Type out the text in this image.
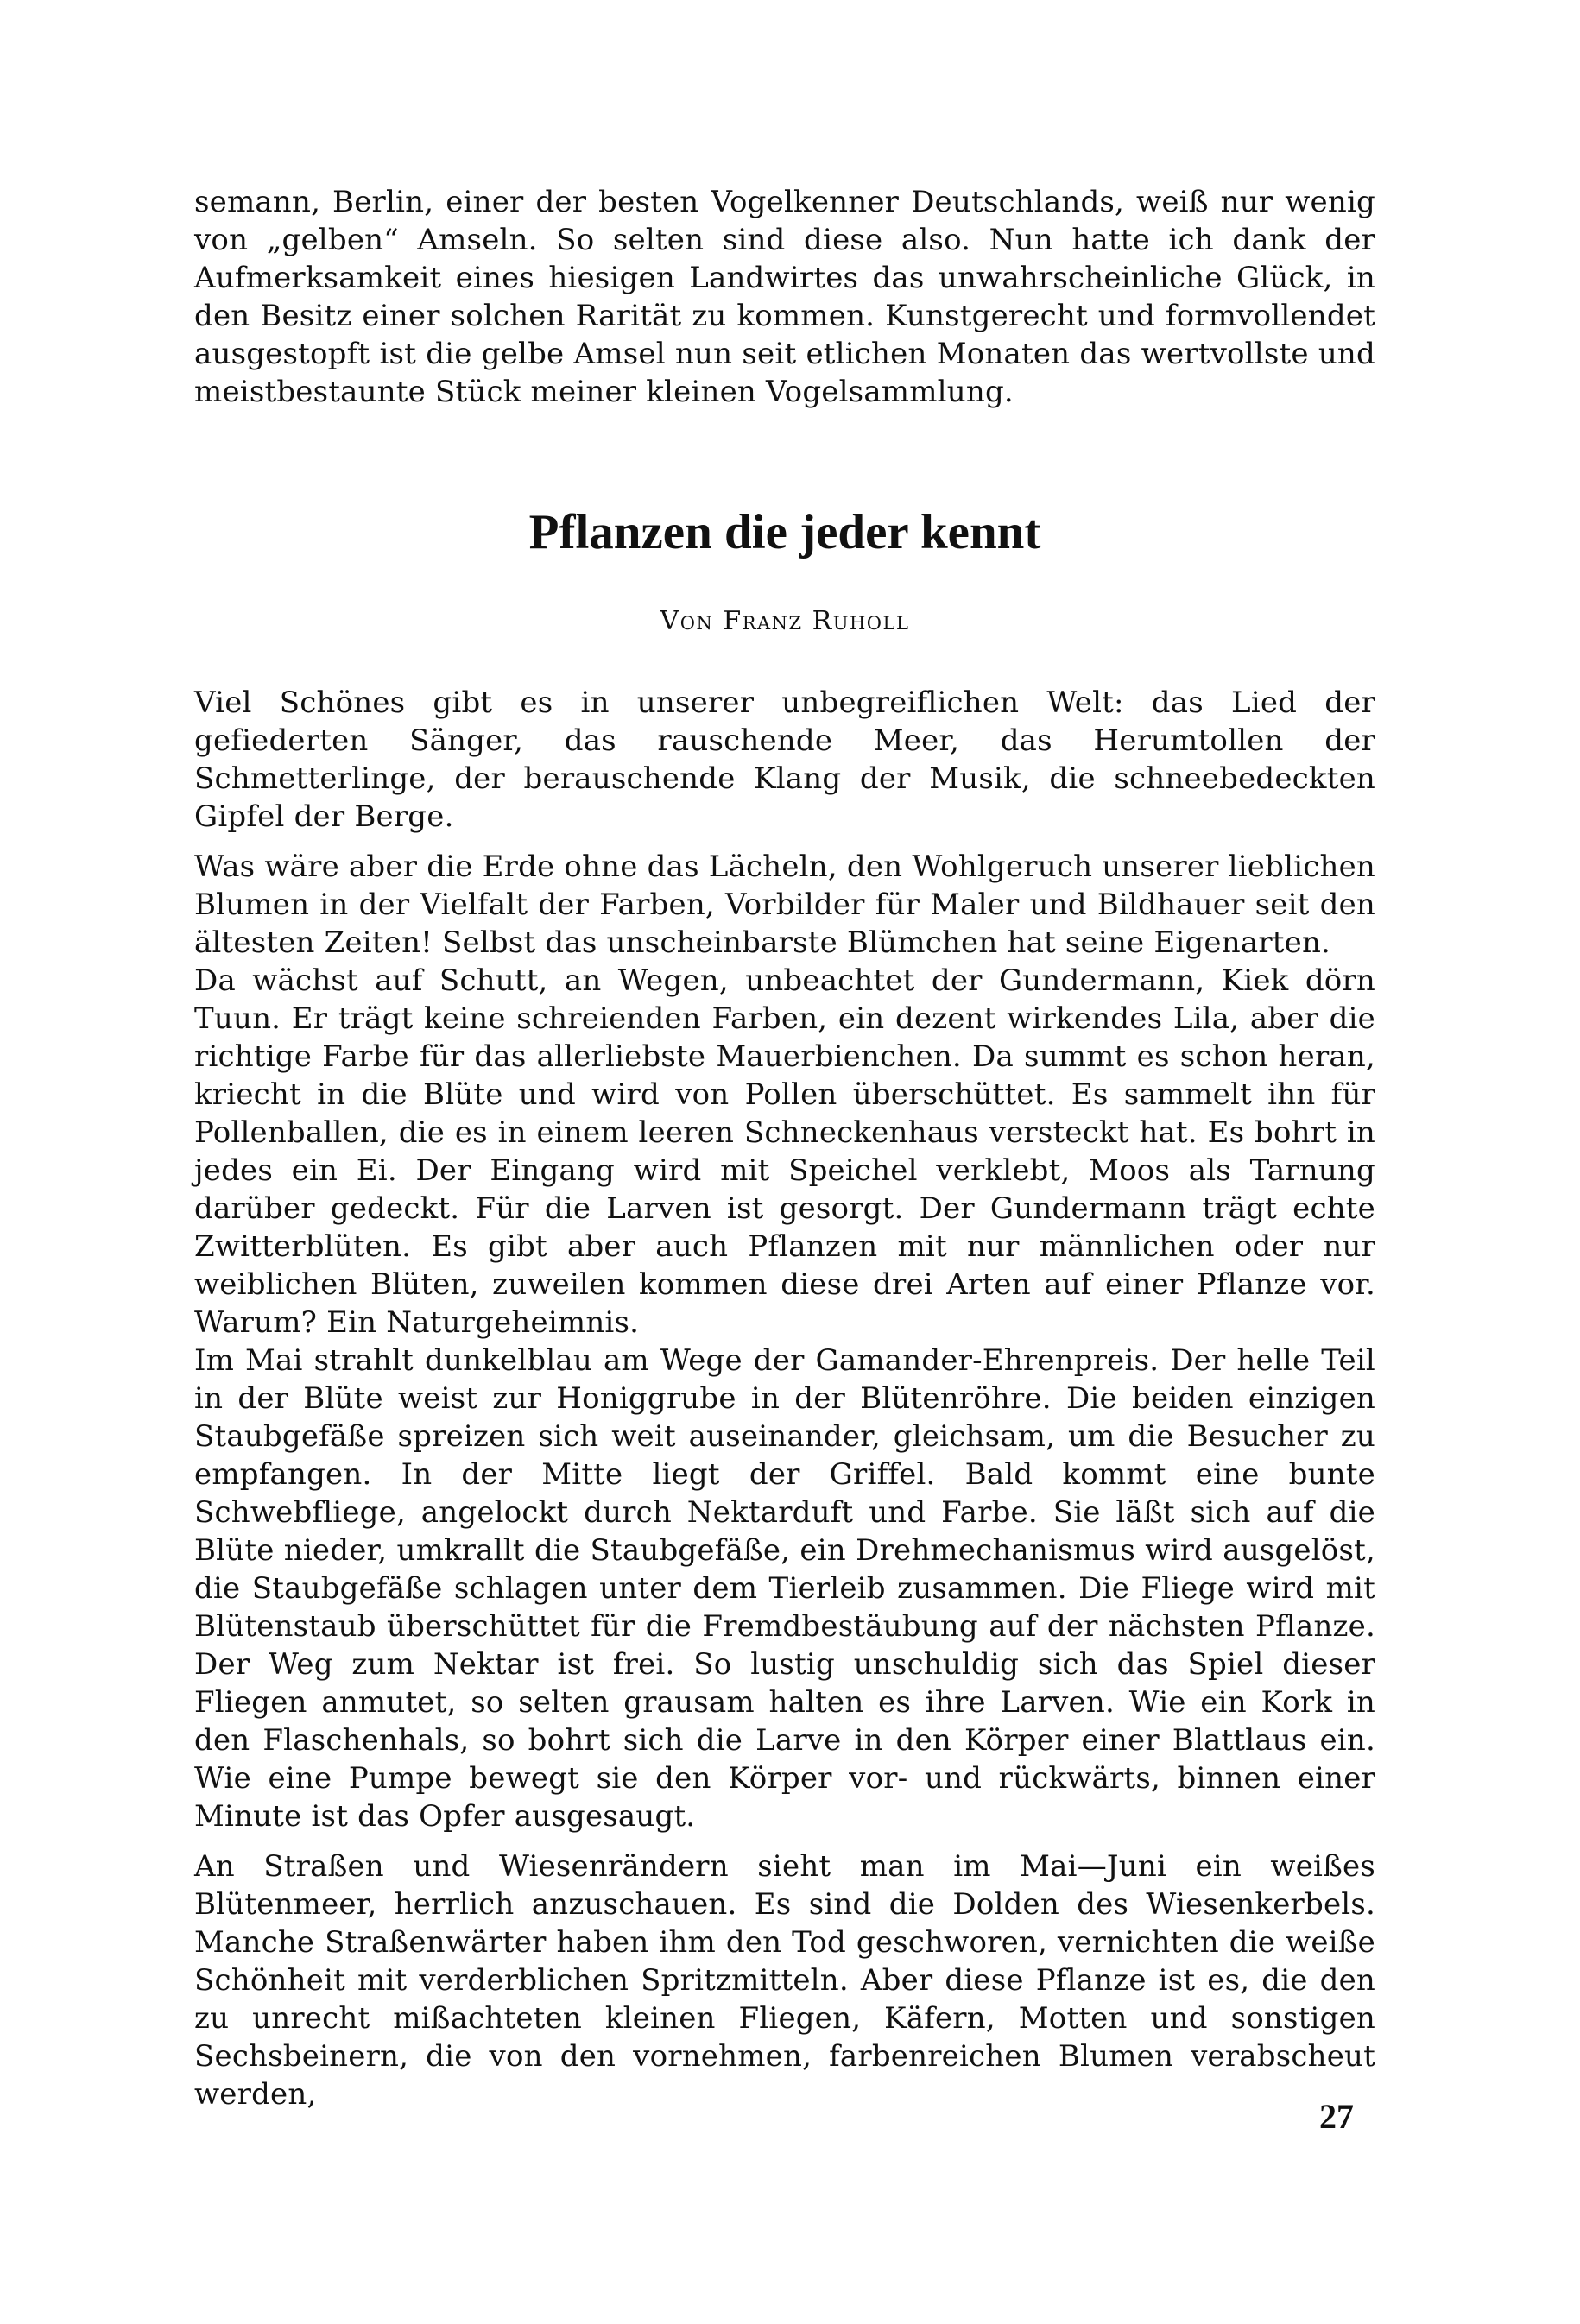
semann, Berlin, einer der besten Vogelkenner Deutschlands, weiß nur wenig von „gelben“ Amseln. So selten sind diese also. Nun hatte ich dank der Aufmerksamkeit eines hiesigen Landwirtes das unwahrscheinliche Glück, in den Besitz einer solchen Rarität zu kommen. Kunstgerecht und formvollendet ausgestopft ist die gelbe Amsel nun seit etlichen Monaten das wertvollste und meistbestaunte Stück meiner kleinen Vogelsammlung.

Pflanzen die jeder kennt
Von Franz Ruholl

Viel Schönes gibt es in unserer unbegreiflichen Welt: das Lied der gefiederten Sänger, das rauschende Meer, das Herumtollen der Schmetterlinge, der berauschende Klang der Musik, die schneebedeckten Gipfel der Berge.

Was wäre aber die Erde ohne das Lächeln, den Wohlgeruch unserer lieblichen Blumen in der Vielfalt der Farben, Vorbilder für Maler und Bildhauer seit den ältesten Zeiten! Selbst das unscheinbarste Blümchen hat seine Eigenarten.

Da wächst auf Schutt, an Wegen, unbeachtet der Gundermann, Kiek dörn Tuun. Er trägt keine schreienden Farben, ein dezent wirkendes Lila, aber die richtige Farbe für das allerliebste Mauerbienchen. Da summt es schon heran, kriecht in die Blüte und wird von Pollen überschüttet. Es sammelt ihn für Pollenballen, die es in einem leeren Schneckenhaus versteckt hat. Es bohrt in jedes ein Ei. Der Eingang wird mit Speichel verklebt, Moos als Tarnung darüber gedeckt. Für die Larven ist gesorgt. Der Gundermann trägt echte Zwitterblüten. Es gibt aber auch Pflanzen mit nur männlichen oder nur weiblichen Blüten, zuweilen kommen diese drei Arten auf einer Pflanze vor. Warum? Ein Naturgeheimnis.

Im Mai strahlt dunkelblau am Wege der Gamander-Ehrenpreis. Der helle Teil in der Blüte weist zur Honiggrube in der Blütenröhre. Die beiden einzigen Staubgefäße spreizen sich weit auseinander, gleichsam, um die Besucher zu empfangen. In der Mitte liegt der Griffel. Bald kommt eine bunte Schwebfliege, angelockt durch Nektarduft und Farbe. Sie läßt sich auf die Blüte nieder, umkrallt die Staubgefäße, ein Drehmechanismus wird ausgelöst, die Staubgefäße schlagen unter dem Tierleib zusammen. Die Fliege wird mit Blütenstaub überschüttet für die Fremdbestäubung auf der nächsten Pflanze. Der Weg zum Nektar ist frei. So lustig unschuldig sich das Spiel dieser Fliegen anmutet, so selten grausam halten es ihre Larven. Wie ein Kork in den Flaschenhals, so bohrt sich die Larve in den Körper einer Blattlaus ein. Wie eine Pumpe bewegt sie den Körper vor- und rückwärts, binnen einer Minute ist das Opfer ausgesaugt.

An Straßen und Wiesenrändern sieht man im Mai—Juni ein weißes Blütenmeer, herrlich anzuschauen. Es sind die Dolden des Wiesenkerbels. Manche Straßenwärter haben ihm den Tod geschworen, vernichten die weiße Schönheit mit verderblichen Spritzmitteln. Aber diese Pflanze ist es, die den zu unrecht mißachteten kleinen Fliegen, Käfern, Motten und sonstigen Sechsbeinern, die von den vornehmen, farbenreichen Blumen verabscheut werden,

27
